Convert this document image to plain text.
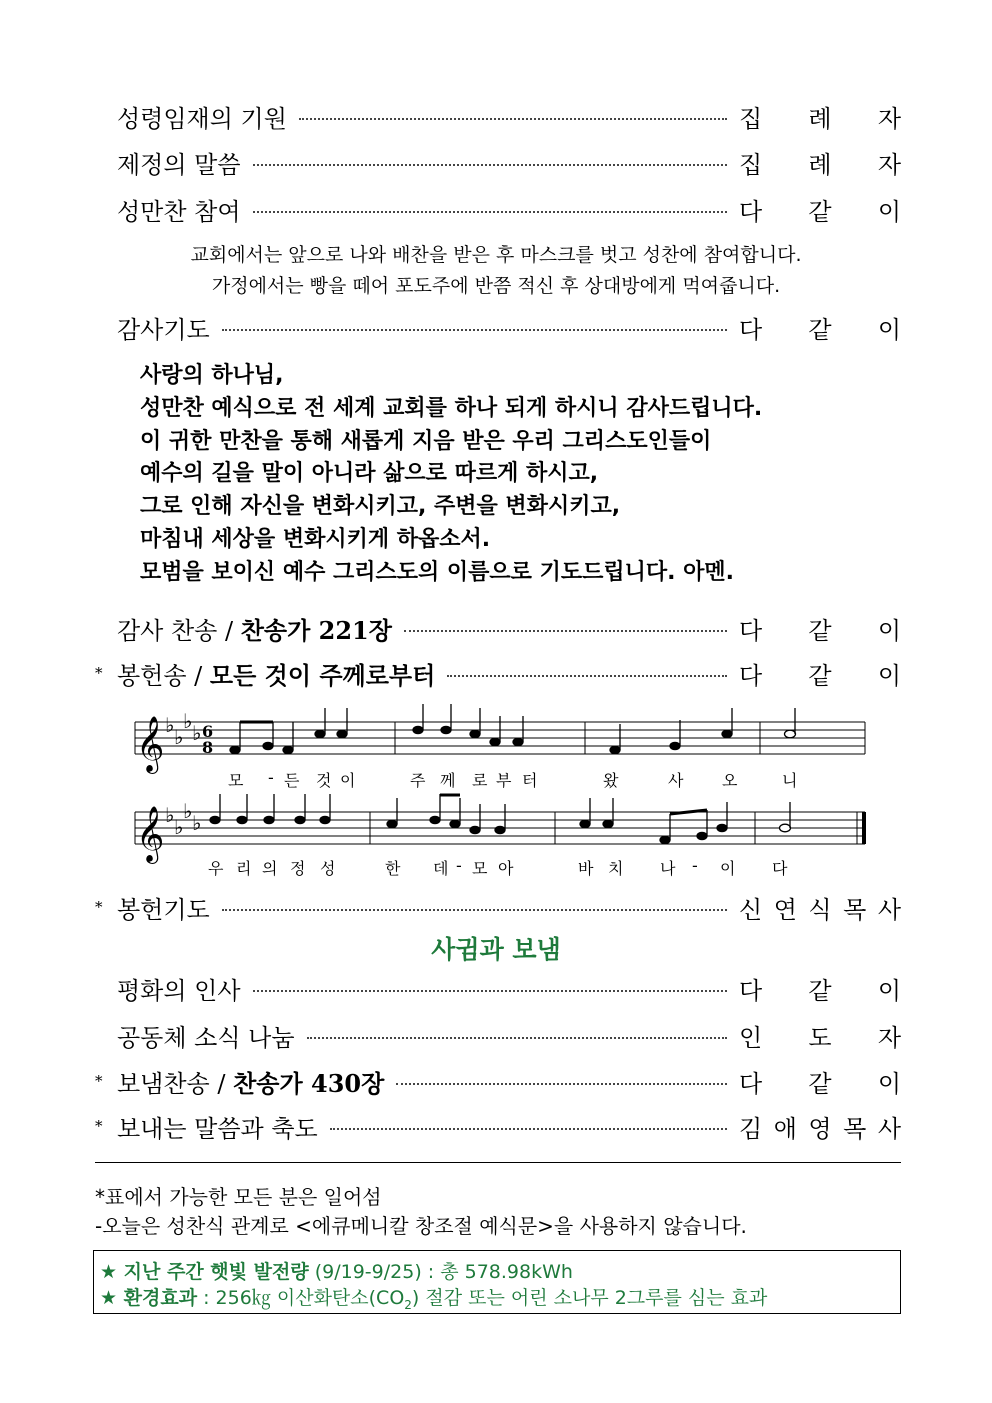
성령임재의 기원	집 례 자
제정의 말씀	집 례 자
성만찬 참여	다 같 이
교회에서는 앞으로 나와 배찬을 받은 후 마스크를 벗고 성찬에 참여합니다.
가정에서는 빵을 떼어 포도주에 반쯤 적신 후 상대방에게 먹여줍니다.
감사기도	다 같 이
사랑의 하나님,
성만찬 예식으로 전 세계 교회를 하나 되게 하시니 감사드립니다.
이 귀한 만찬을 통해 새롭게 지음 받은 우리 그리스도인들이
예수의 길을 말이 아니라 삶으로 따르게 하시고,
그로 인해 자신을 변화시키고, 주변을 변화시키고,
마침내 세상을 변화시키게 하옵소서.
모범을 보이신 예수 그리스도의 이름으로 기도드립니다. 아멘.
감사 찬송 / 찬송가 221장	다 같 이
* 봉헌송 / 모든 것이 주께로부터	다 같 이
𝄞 ♭ ♭
♭ ♭ 6
8
𝄞 ♭ ♭
♭ ♭
모 - 든 것 이	주 께 로 부 터	왔	사 오	니
우 리 의 정 성	한 데 - 모 아	바 치 나 - 이 다
* 봉헌기도	신 연 식 목 사
사귐과 보냄
평화의 인사	다 같 이
공동체 소식 나눔	인 도 자
* 보냄찬송 / 찬송가 430장	다 같 이
* 보내는 말씀과 축도	김 애 영 목 사
*표에서 가능한 모든 분은 일어섬
-오늘은 성찬식 관계로 <에큐메니칼 창조절 예식문>을 사용하지 않습니다.
★ 지난 주간 햇빛 발전량 (9/19-9/25) : 총 578.98kWh
★ 환경효과 : 256㎏ 이산화탄소$(CO_2)$ 절감 또는 어린 소나무 2그루를 심는 효과
